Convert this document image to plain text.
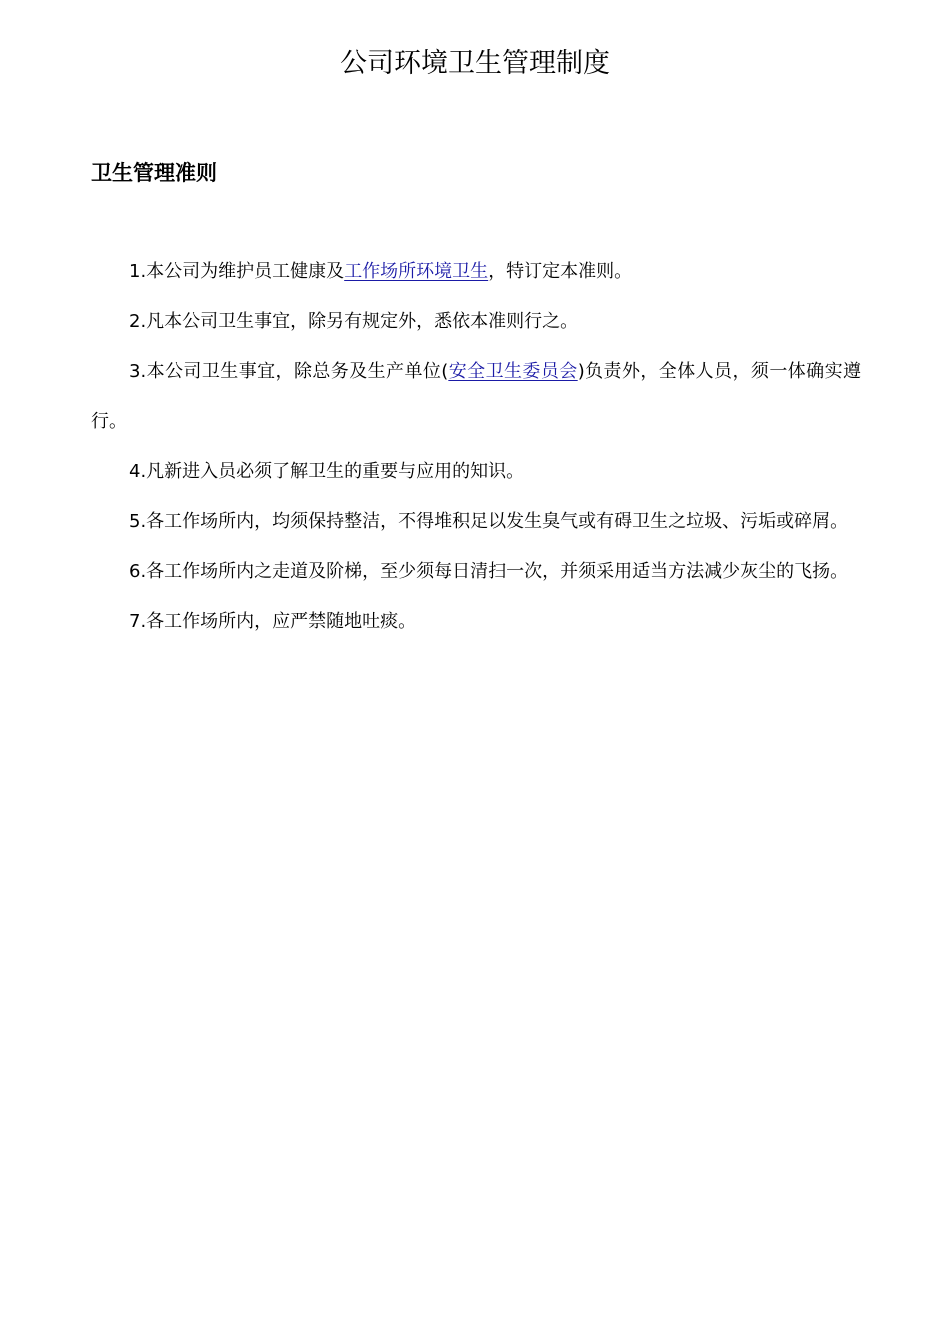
公司环境卫生管理制度
卫生管理准则
1.本公司为维护员工健康及工作场所环境卫生，特订定本准则。
2.凡本公司卫生事宜，除另有规定外，悉依本准则行之。
3.本公司卫生事宜，除总务及生产单位(安全卫生委员会)负责外，全体人员，须一体确实遵行。
4.凡新进入员必须了解卫生的重要与应用的知识。
5.各工作场所内，均须保持整洁，不得堆积足以发生臭气或有碍卫生之垃圾、污垢或碎屑。
6.各工作场所内之走道及阶梯，至少须每日清扫一次，并须采用适当方法减少灰尘的飞扬。
7.各工作场所内，应严禁随地吐痰。
